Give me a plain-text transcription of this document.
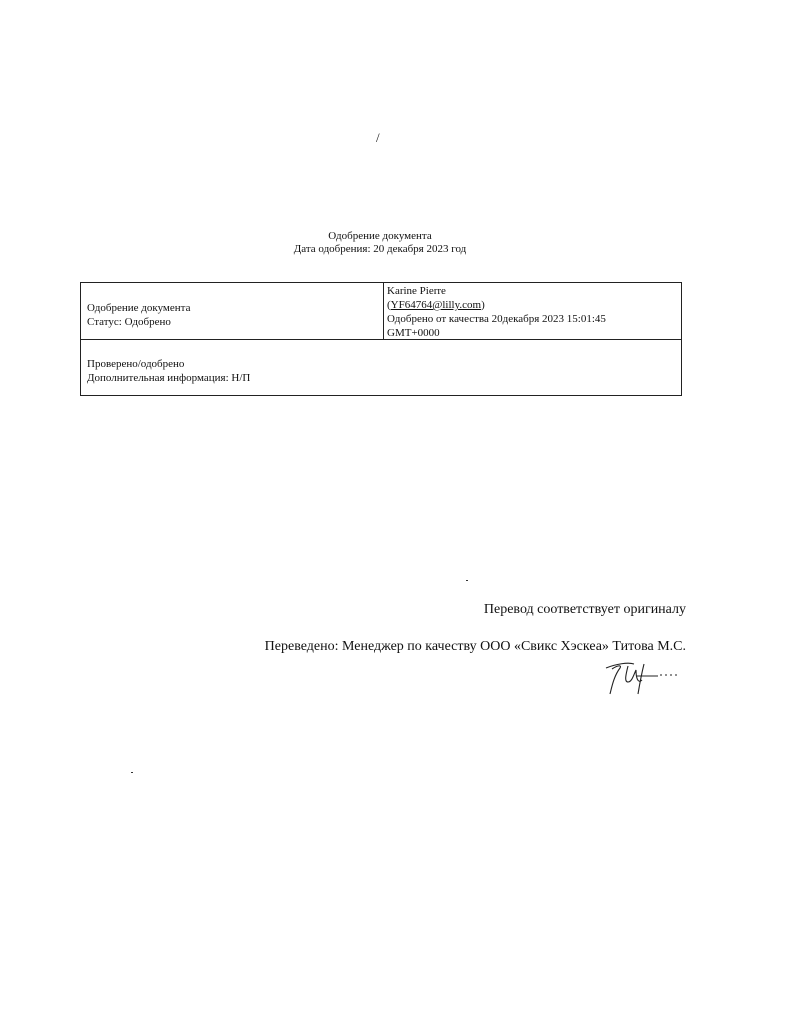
/
Одобрение документа
Дата одобрения: 20 декабря 2023 год
Одобрение документа
Статус: Одобрено
Karine Pierre
(YF64764@lilly.com)
Одобрено от качества 20декабря 2023 15:01:45
GMT+0000
Проверено/одобрено
Дополнительная информация: Н/П
Перевод соответствует оригиналу
Переведено: Менеджер по качеству ООО «Свикс Хэскеа» Титова М.С.
